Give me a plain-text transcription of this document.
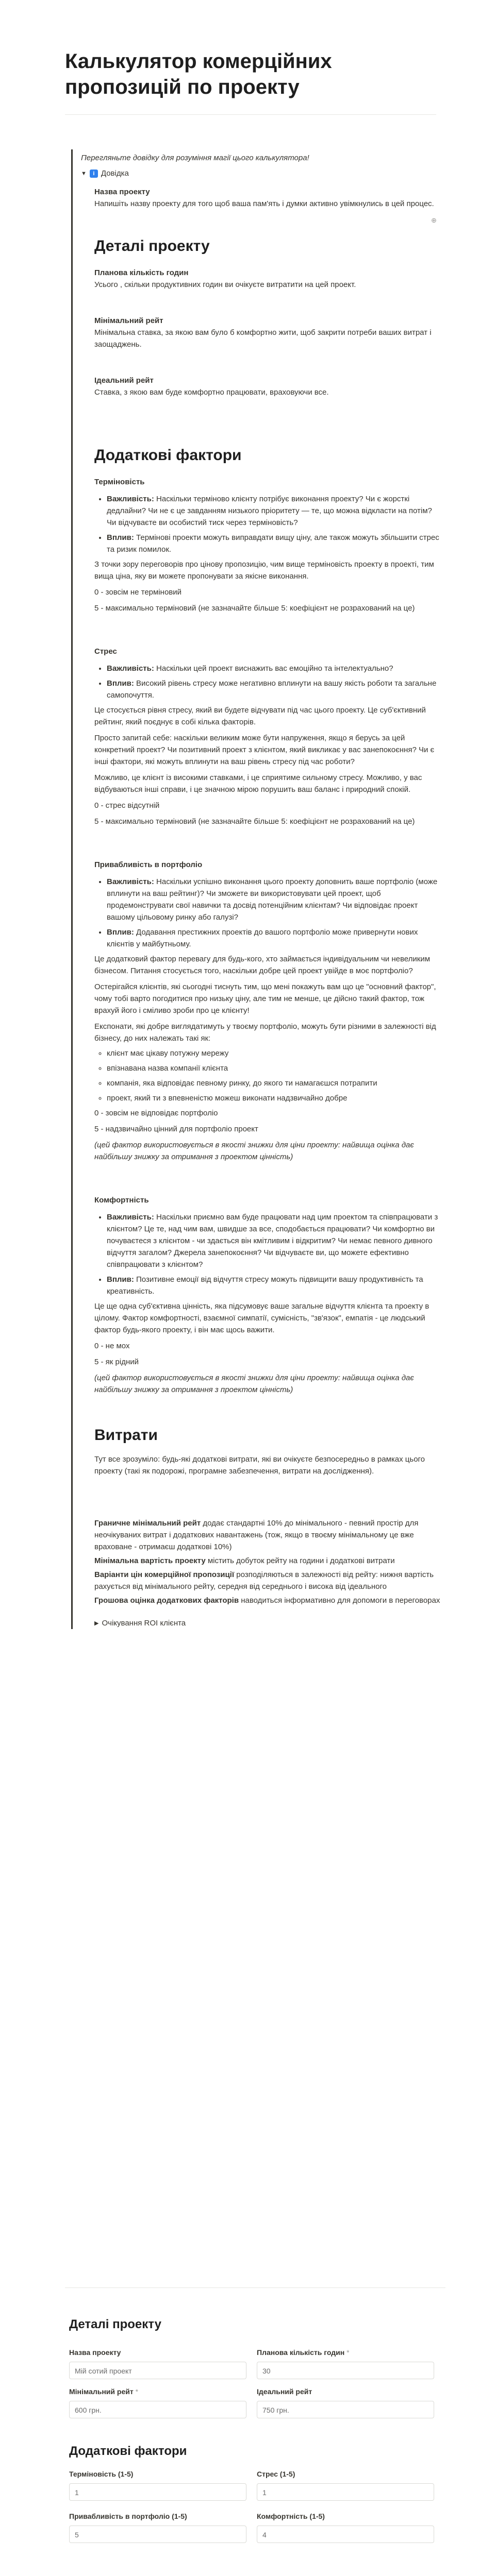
Калькулятор комерційних пропозицій по проекту

Перегляньте довідку для розуміння магії цього калькулятора!

▼	i Довідка

Назва проекту

Напишіть назву проекту для того щоб ваша пам'ять і думки активно увімкнулись в цей процес.

Деталі проекту

Планова кількість годин

Усього , скільки продуктивних годин ви очікуєте витратити на цей проект.

Мінімальний рейт

Мінімальна ставка, за якою вам було б комфортно жити, щоб закрити потреби ваших витрат і заощаджень.

Ідеальний рейт

Ставка, з якою вам буде комфортно працювати, враховуючи все.

Додаткові фактори

Терміновість

• Важливість: Наскільки терміново клієнту потрібує виконання проекту? Чи є жорсткі дедлайни? Чи не є це завданням низького пріоритету — те, що можна відкласти на потім? Чи відчуваєте ви особистий тиск через терміновість?
• Вплив: Терміновi проекти можуть виправдати вищу ціну, але також можуть збільшити стрес та ризик помилок.

З точки зору переговорів про цінову пропозицію, чим вище терміновість проекту в проекті, тим вища ціна, яку ви можете пропонувати за якісне виконання.

0 - зовсім не терміновий

5 - максимально терміновий (не зазначайте більше 5: коефіцієнт не розрахований на це)

Стрес

• Важливість: Наскільки цей проект виснажить вас емоційно та інтелектуально?
• Вплив: Високий рівень стресу може негативно вплинути на вашу якість роботи та загальне самопочуття.

Це стосується рівня стресу, який ви будете відчувати під час цього проекту. Це суб'єктивний рейтинг, який поєднує в собі кілька факторів.

Просто запитай себе: наскільки великим може бути напруження, якщо я берусь за цей конкретний проект? Чи позитивний проект з клієнтом, який викликає у вас занепокоєння? Чи є інші фактори, які можуть вплинути на ваш рівень стресу під час роботи?

Можливо, це клієнт із високими ставками, і це сприятиме сильному стресу. Можливо, у вас відбуваються інші справи, і це значною мірою порушить ваш баланс і природний спокій.

0 - стрес відсутній

5 - максимально терміновий (не зазначайте більше 5: коефіцієнт не розрахований на це)

Привабливість в портфоліо

• Важливість: Наскільки успішно виконання цього проекту доповнить ваше портфоліо (може вплинути на ваш рейтинг)? Чи зможете ви використовувати цей проект, щоб продемонструвати свої навички та досвід потенційним клієнтам? Чи відповідає проект вашому цільовому ринку або галузі?
• Вплив: Додавання престижних проектів до вашого портфоліо може привернути нових клієнтів у майбутньому.

Це додатковий фактор перевагу для будь-кого, хто займається індивідуальним чи невеликим бізнесом. Питання стосується того, наскільки добре цей проект увійде в моє портфоліо?

Остерігайся клієнтів, які сьогодні тиснуть тим, що мені покажуть вам що це "основний фактор", чому тобі варто погодитися про низьку ціну, але тим не менше, це дійсно такий фактор, тож врахуй його і сміливо зроби про це клієнту!

Експонати, які добре виглядатимуть у твоєму портфоліо, можуть бути різними в залежності від бізнесу, до них належать такі як:

◦ клієнт має цікаву потужну мережу
◦ впізнавана назва компанії клієнта
◦ компанія, яка відповідає певному ринку, до якого ти намагаєшся потрапити
◦ проект, який ти з впевненістю можеш виконати надзвичайно добре

0 - зовсім не відповідає портфоліо

5 - надзвичайно цінний для портфоліо проект

(цей фактор використовується в якості знижки для ціни проекту: найвища оцінка дає найбільшу знижку за отримання з проектом цінність)

Комфортність

• Важливість: Наскільки приємно вам буде працювати над цим проектом та співпрацювати з клієнтом? Це те, над чим вам, швидше за все, сподобається працювати? Чи комфортно ви почуваєтеся з клієнтом - чи здається він кмітливим і відкритим? Чи немає певного дивного відчуття загалом? Джерела занепокоєння? Чи відчуваєте ви, що можете ефективно співпрацювати з клієнтом?
• Вплив: Позитивне емоції від відчуття стресу можуть підвищити вашу продуктивність та креативність.

Це ще одна суб'єктивна цінність, яка підсумовує ваше загальне відчуття клієнта та проекту в цілому. Фактор комфортності, взаємної симпатії, сумісність, "зв'язок", емпатія - це людський фактор будь-якого проекту, і він має щось важити.

0 - не мох

5 - як рідний

(цей фактор використовується в якості знижки для ціни проекту: найвища оцінка дає найбільшу знижку за отримання з проектом цінність)

Витрати

Тут все зрозуміло: будь-які додаткові витрати, які ви очікуєте безпосередньо в рамках цього проекту (такі як подорожі, програмне забезпечення, витрати на дослідження).

Граничне мінімальний рейт додає стандартні 10% до мінімального - певний простір для неочікуваних витрат і додаткових навантажень (тож, якщо в твоєму мінімальному це вже враховане - отримаєш додаткові 10%)

Мінімальна вартість проекту містить добуток рейту на години і додаткові витрати

Варіанти цін комерційної пропозиції розподіляються в залежності від рейту: нижня вартість рахується від мінімального рейту, середня від середнього і висока від ідеального

Грошова оцінка додаткових факторів наводиться інформативно для допомоги в переговорах

▶ Очікування ROI клієнта
⊕
Деталі проекту
Назва проекту
Мій сотий проект
Планова кількість годин *
30
Мінімальний рейт *
600 грн.
Ідеальний рейт
750 грн.
Додаткові фактори
Терміновість (1-5)
1
Стрес (1-5)
1
Привабливість в портфоліо (1-5)
5
Комфортність (1-5)
4
